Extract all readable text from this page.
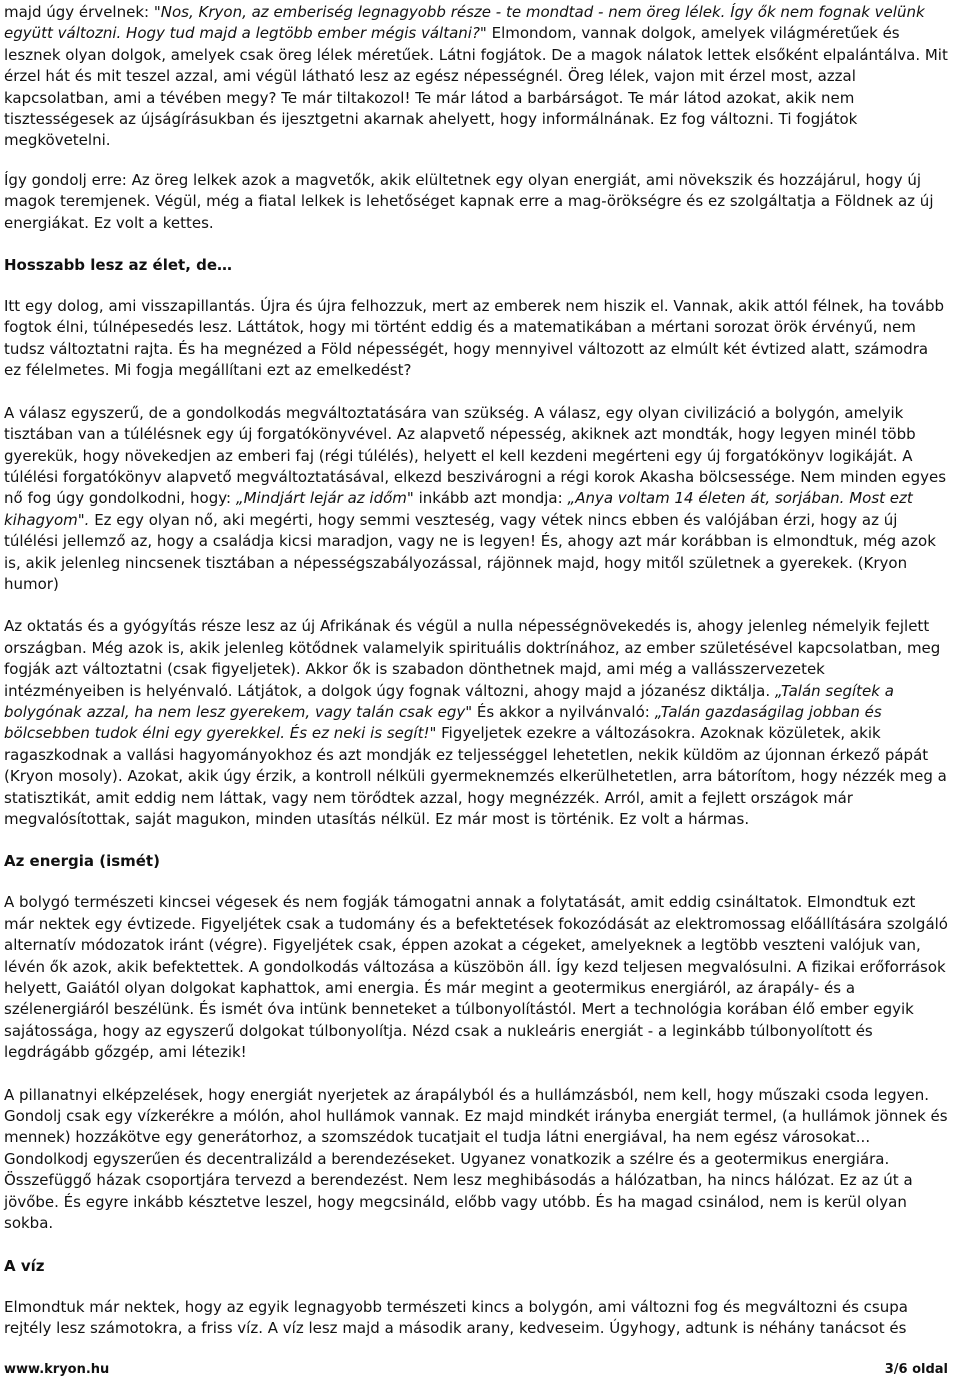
majd úgy érvelnek: "Nos, Kryon, az emberiség legnagyobb része - te mondtad - nem öreg lélek. Így ők nem fognak velünk együtt változni. Hogy tud majd a legtöbb ember mégis váltani?" Elmondom, vannak dolgok, amelyek világméretűek és lesznek olyan dolgok, amelyek csak öreg lélek méretűek. Látni fogjátok. De a magok nálatok lettek elsőként elpalántálva. Mit érzel hát és mit teszel azzal, ami végül látható lesz az egész népességnél. Öreg lélek, vajon mit érzel most, azzal kapcsolatban, ami a tévében megy? Te már tiltakozol! Te már látod a barbárságot. Te már látod azokat, akik nem tisztességesek az újságírásukban és ijesztgetni akarnak ahelyett, hogy informálnának. Ez fog változni. Ti fogjátok megkövetelni.

Így gondolj erre: Az öreg lelkek azok a magvetők, akik elültetnek egy olyan energiát, ami növekszik és hozzájárul, hogy új magok teremjenek. Végül, még a fiatal lelkek is lehetőséget kapnak erre a mag-örökségre és ez szolgáltatja a Földnek az új energiákat. Ez volt a kettes.

Hosszabb lesz az élet, de…

Itt egy dolog, ami visszapillantás. Újra és újra felhozzuk, mert az emberek nem hiszik el. Vannak, akik attól félnek, ha tovább fogtok élni, túlnépesedés lesz. Láttátok, hogy mi történt eddig és a matematikában a mértani sorozat örök érvényű, nem tudsz változtatni rajta. És ha megnézed a Föld népességét, hogy mennyivel változott az elmúlt két évtized alatt, számodra ez félelmetes. Mi fogja megállítani ezt az emelkedést?

A válasz egyszerű, de a gondolkodás megváltoztatására van szükség. A válasz, egy olyan civilizáció a bolygón, amelyik tisztában van a túlélésnek egy új forgatókönyvével. Az alapvető népesség, akiknek azt mondták, hogy legyen minél több gyerekük, hogy növekedjen az emberi faj (régi túlélés), helyett el kell kezdeni megérteni egy új forgatókönyv logikáját. A túlélési forgatókönyv alapvető megváltoztatásával, elkezd beszivárogni a régi korok Akasha bölcsessége. Nem minden egyes nő fog úgy gondolkodni, hogy: „Mindjárt lejár az időm" inkább azt mondja: „Anya voltam 14 életen át, sorjában. Most ezt kihagyom". Ez egy olyan nő, aki megérti, hogy semmi veszteség, vagy vétek nincs ebben és valójában érzi, hogy az új túlélési jellemző az, hogy a családja kicsi maradjon, vagy ne is legyen! És, ahogy azt már korábban is elmondtuk, még azok is, akik jelenleg nincsenek tisztában a népességszabályozással, rájönnek majd, hogy mitől születnek a gyerekek. (Kryon humor)

Az oktatás és a gyógyítás része lesz az új Afrikának és végül a nulla népességnövekedés is, ahogy jelenleg némelyik fejlett országban. Még azok is, akik jelenleg kötődnek valamelyik spirituális doktrínához, az ember születésével kapcsolatban, meg fogják azt változtatni (csak figyeljetek). Akkor ők is szabadon dönthetnek majd, ami még a vallásszervezetek intézményeiben is helyénvaló. Látjátok, a dolgok úgy fognak változni, ahogy majd a józanész diktálja. „Talán segítek a bolygónak azzal, ha nem lesz gyerekem, vagy talán csak egy" És akkor a nyilvánvaló: „Talán gazdaságilag jobban és bölcsebben tudok élni egy gyerekkel. És ez neki is segít!" Figyeljetek ezekre a változásokra. Azoknak közületek, akik ragaszkodnak a vallási hagyományokhoz és azt mondják ez teljességgel lehetetlen, nekik küldöm az újonnan érkező pápát (Kryon mosoly). Azokat, akik úgy érzik, a kontroll nélküli gyermeknemzés elkerülhetetlen, arra bátorítom, hogy nézzék meg a statisztikát, amit eddig nem láttak, vagy nem törődtek azzal, hogy megnézzék. Arról, amit a fejlett országok már megvalósítottak, saját magukon, minden utasítás nélkül. Ez már most is történik. Ez volt a hármas.

Az energia (ismét)

A bolygó természeti kincsei végesek és nem fogják támogatni annak a folytatását, amit eddig csináltatok. Elmondtuk ezt már nektek egy évtizede. Figyeljétek csak a tudomány és a befektetések fokozódását az elektromossag előállítására szolgáló alternatív módozatok iránt (végre). Figyeljétek csak, éppen azokat a cégeket, amelyeknek a legtöbb veszteni valójuk van, lévén ők azok, akik befektettek. A gondolkodás változása a küszöbön áll. Így kezd teljesen megvalósulni. A fizikai erőforrások helyett, Gaiától olyan dolgokat kaphattok, ami energia. És már megint a geotermikus energiáról, az árapály- és a szélenergiáról beszélünk. És ismét óva intünk benneteket a túlbonyolítástól. Mert a technológia korában élő ember egyik sajátossága, hogy az egyszerű dolgokat túlbonyolítja. Nézd csak a nukleáris energiát - a leginkább túlbonyolított és legdrágább gőzgép, ami létezik!

A pillanatnyi elképzelések, hogy energiát nyerjetek az árapályból és a hullámzásból, nem kell, hogy műszaki csoda legyen. Gondolj csak egy vízkerékre a mólón, ahol hullámok vannak. Ez majd mindkét irányba energiát termel, (a hullámok jönnek és mennek) hozzákötve egy generátorhoz, a szomszédok tucatjait el tudja látni energiával, ha nem egész városokat... Gondolkodj egyszerűen és decentralizáld a berendezéseket. Ugyanez vonatkozik a szélre és a geotermikus energiára. Összefüggő házak csoportjára tervezd a berendezést. Nem lesz meghibásodás a hálózatban, ha nincs hálózat. Ez az út a jövőbe. És egyre inkább késztetve leszel, hogy megcsináld, előbb vagy utóbb. És ha magad csinálod, nem is kerül olyan sokba.

A víz

Elmondtuk már nektek, hogy az egyik legnagyobb természeti kincs a bolygón, ami változni fog és megváltozni és csupa rejtély lesz számotokra, a friss víz. A víz lesz majd a második arany, kedveseim. Úgyhogy, adtunk is néhány tanácsot és

www.kryon.hu	3/6 oldal
